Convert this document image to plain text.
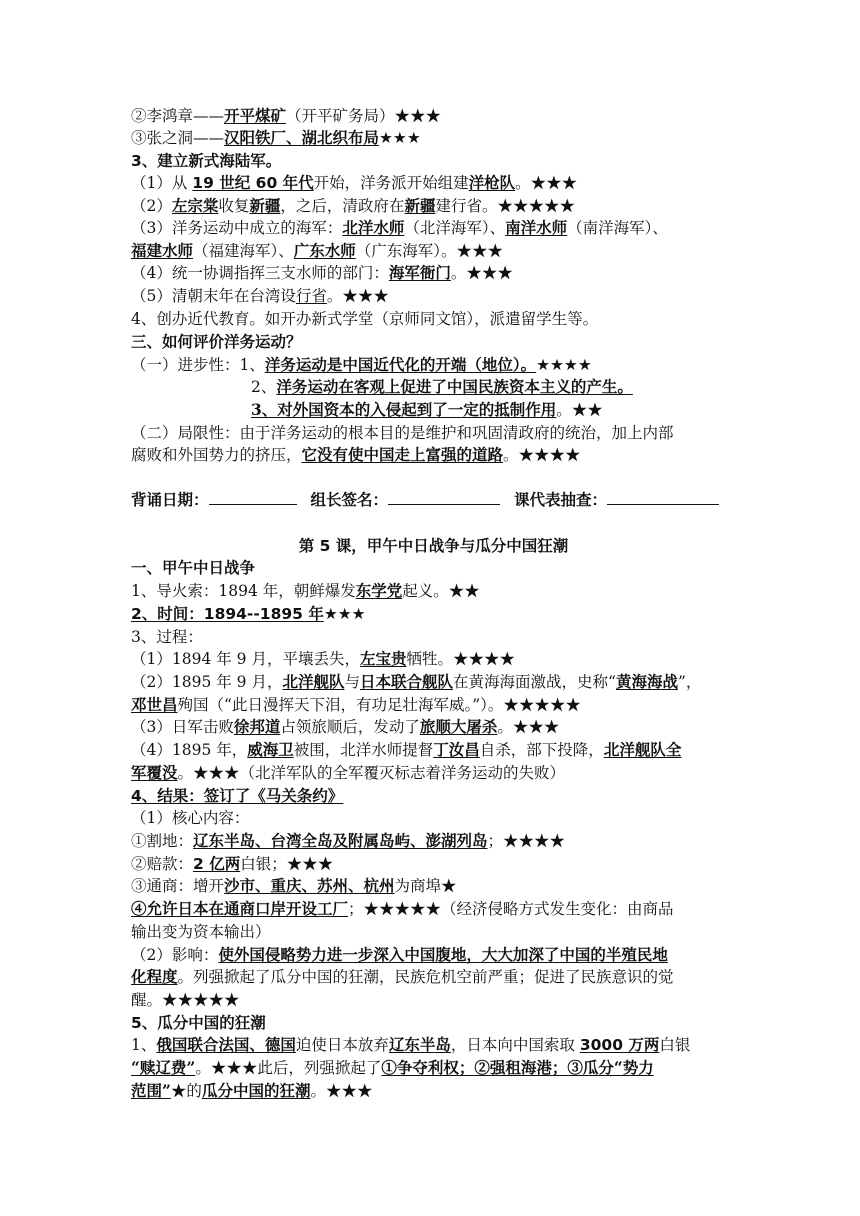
②李鸿章——开平煤矿（开平矿务局）★★★
③张之洞——汉阳铁厂、湖北织布局★★★
3、建立新式海陆军。
（1）从 19 世纪 60 年代开始，洋务派开始组建洋枪队。★★★
（2）左宗棠收复新疆，之后，清政府在新疆建行省。★★★★★
（3）洋务运动中成立的海军：北洋水师（北洋海军）、南洋水师（南洋海军）、
福建水师（福建海军）、广东水师（广东海军）。★★★
（4）统一协调指挥三支水师的部门：海军衙门。★★★
（5）清朝末年在台湾设行省。★★★
4、创办近代教育。如开办新式学堂（京师同文馆），派遣留学生等。
三、如何评价洋务运动？
（一）进步性：1、洋务运动是中国近代化的开端（地位）。★★★★
2、洋务运动在客观上促进了中国民族资本主义的产生。
3、对外国资本的入侵起到了一定的抵制作用。★★
（二）局限性：由于洋务运动的根本目的是维护和巩固清政府的统治，加上内部
腐败和外国势力的挤压，它没有使中国走上富强的道路。★★★★
背诵日期：	组长签名：	课代表抽查：
第 5 课，甲午中日战争与瓜分中国狂潮
一、甲午中日战争
1、导火索：1894 年，朝鲜爆发东学党起义。★★
2、时间：1894--1895 年★★★
3、过程：
（1）1894 年 9 月，平壤丢失，左宝贵牺牲。★★★★
（2）1895 年 9 月，北洋舰队与日本联合舰队在黄海海面激战，史称“黄海海战”，
邓世昌殉国（“此日漫挥天下泪，有功足壮海军威。”）。★★★★★
（3）日军击败徐邦道占领旅顺后，发动了旅顺大屠杀。★★★
（4）1895 年，威海卫被围，北洋水师提督丁汝昌自杀，部下投降，北洋舰队全
军覆没。★★★（北洋军队的全军覆灭标志着洋务运动的失败）
4、结果：签订了《马关条约》
（1）核心内容：
①割地：辽东半岛、台湾全岛及附属岛屿、澎湖列岛；★★★★
②赔款：2 亿两白银；★★★
③通商：增开沙市、重庆、苏州、杭州为商埠★
④允许日本在通商口岸开设工厂；★★★★★（经济侵略方式发生变化：由商品
输出变为资本输出）
（2）影响：使外国侵略势力进一步深入中国腹地，大大加深了中国的半殖民地
化程度。列强掀起了瓜分中国的狂潮，民族危机空前严重；促进了民族意识的觉
醒。★★★★★
5、瓜分中国的狂潮
1、俄国联合法国、德国迫使日本放弃辽东半岛，日本向中国索取 3000 万两白银
“赎辽费”。★★★此后，列强掀起了①争夺利权；②强租海港；③瓜分“势力
范围”★的瓜分中国的狂潮。★★★
